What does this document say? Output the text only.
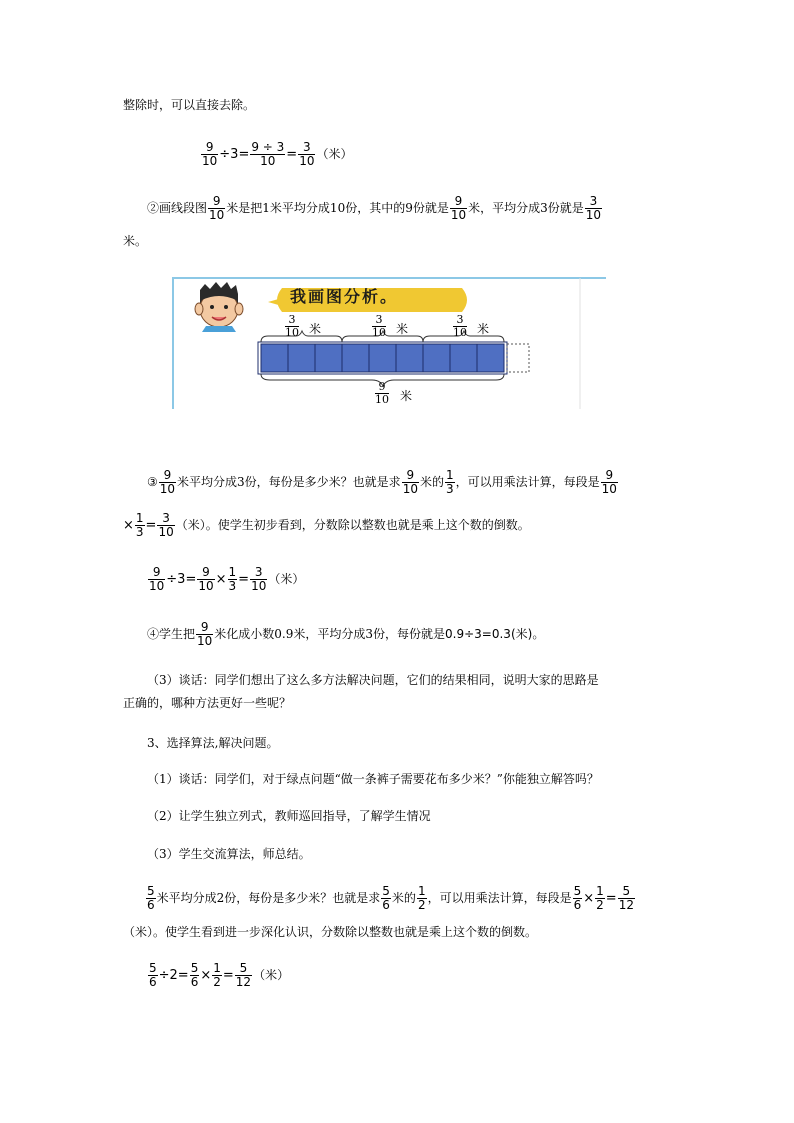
整除时，可以直接去除。
$\frac{9}{10} \div 3= \frac{9 \div 3}{10} = \frac{3}{10}$ （米）
②画线段图 $\frac{9}{10}$ 米是把1米平均分成10份，其中的9份就是 $\frac{9}{10}$ 米，平均分成3份就是 $\frac{3}{10}$
米。
我画图分析。
$\frac{3}{10}$ 米	$\frac{3}{10}$ 米	$\frac{3}{10}$ 米
$\frac{9}{10}$ 米
③ $\frac{9}{10}$ 米平均分成3份，每份是多少米？也就是求 $\frac{9}{10}$ 米的 $\frac{1}{3}$ ，可以用乘法计算，每段是 $\frac{9}{10}$
× $\frac{1}{3} = \frac{3}{10}$ （米）。使学生初步看到，分数除以整数也就是乘上这个数的倒数。
$\frac{9}{10} \div 3= \frac{9}{10} \times \frac{1}{3} = \frac{3}{10}$ （米）
④学生把 $\frac{9}{10}$ 米化成小数0.9米，平均分成3份，每份就是0.9÷3=0.3(米)。
（3）谈话：同学们想出了这么多方法解决问题，它们的结果相同，说明大家的思路是
正确的，哪种方法更好一些呢？
3、选择算法,解决问题。
（1）谈话：同学们，对于绿点问题“做一条裤子需要花布多少米？”你能独立解答吗？
（2）让学生独立列式，教师巡回指导，了解学生情况
（3）学生交流算法，师总结。
$\frac{5}{6}$ 米平均分成2份，每份是多少米？也就是求 $\frac{5}{6}$ 米的 $\frac{1}{2}$ ，可以用乘法计算，每段是 $\frac{5}{6} \times \frac{1}{2} = \frac{5}{12}$
（米）。使学生看到进一步深化认识，分数除以整数也就是乘上这个数的倒数。
$\frac{5}{6} \div 2= \frac{5}{6} \times \frac{1}{2} = \frac{5}{12}$ （米）
